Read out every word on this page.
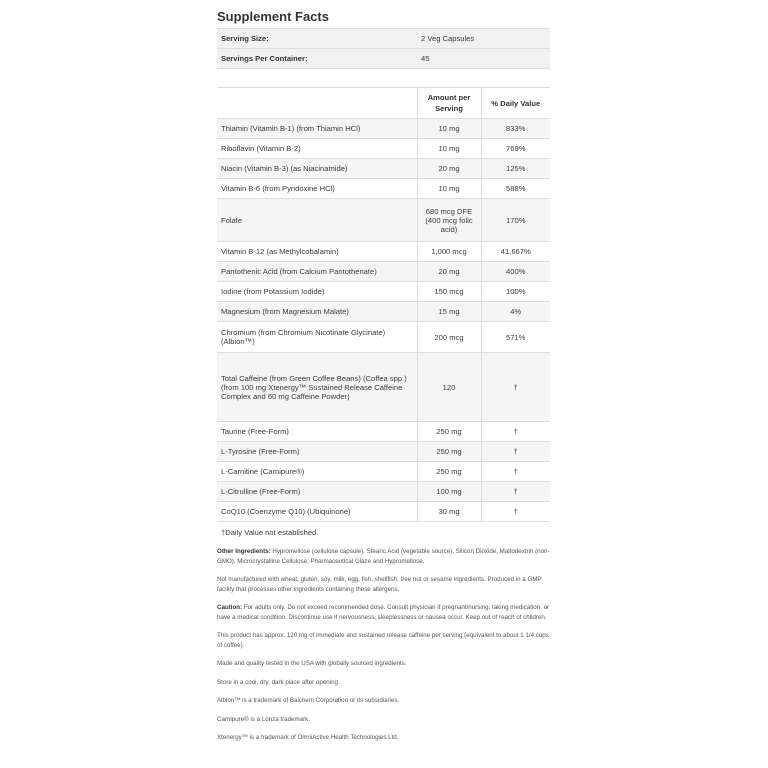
Supplement Facts
Serving Size:	2 Veg Capsules	
Servings Per Container:	45	

	Amount per Serving	% Daily Value
Thiamin (Vitamin B-1) (from Thiamin HCl)	10 mg	833%
Riboflavin (Vitamin B-2)	10 mg	769%
Niacin (Vitamin B-3) (as Niacinamide)	20 mg	125%
Vitamin B-6 (from Pyridoxine HCl)	10 mg	588%
Folate	680 mcg DFE (400 mcg folic acid)	170%
Vitamin B-12 (as Methylcobalamin)	1,000 mcg	41,667%
Pantothenic Acid (from Calcium Pantothenate)	20 mg	400%
Iodine (from Potassium Iodide)	150 mcg	100%
Magnesium (from Magnesium Malate)	15 mg	4%
Chromium (from Chromium Nicotinate Glycinate) (Albion™)	200 mcg	571%
Total Caffeine (from Green Coffee Beans) (Coffea spp.) (from 100 mg Xtenergy™ Sustained Release Caffeine Complex and 60 mg Caffeine Powder)	120	†
Taurine (Free-Form)	250 mg	†
L-Tyrosine (Free-Form)	250 mg	†
L-Carnitine (Carnipure®)	250 mg	†
L-Citrulline (Free-Form)	100 mg	†
CoQ10 (Coenzyme Q10) (Ubiquinone)	30 mg	†
†Daily Value not established.		

Other Ingredients: Hypromellose (cellulose capsule), Stearic Acid (vegetable source), Silicon Dioxide, Maltodextrin (non-GMO), Microcrystalline Cellulose, Pharmaceutical Glaze and Hypromellose.

Not manufactured with wheat, gluten, soy, milk, egg, fish, shellfish, tree nut or sesame ingredients. Produced in a GMP facility that processes other ingredients containing these allergens.

Caution: For adults only. Do not exceed recommended dose. Consult physician if pregnant/nursing, taking medication, or have a medical condition. Discontinue use if nervousness, sleeplessness or nausea occur. Keep out of reach of children.

This product has approx. 120 mg of immediate and sustained release caffeine per serving (equivalent to about 1 1/4 cups of coffee).

Made and quality tested in the USA with globally sourced ingredients.

Store in a cool, dry, dark place after opening.

Albion™ is a trademark of Balchem Corporation or its subsidiaries.

Carnipure® is a Lonza trademark.

Xtenergy™ is a trademark of OmniActive Health Technologies Ltd.
